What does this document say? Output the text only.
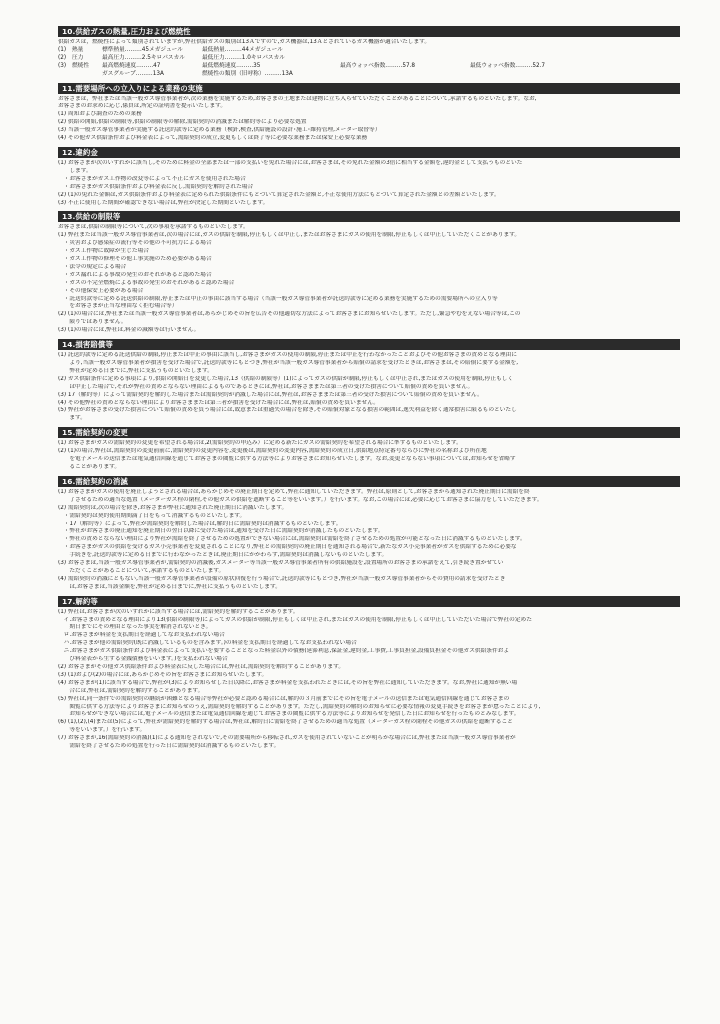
10.供給ガスの熱量,圧力および燃焼性
供給ガスは，燃焼性によって類別されていますが,弊社供給ガスの類別は13Ａですので,ガス機器は,13Ａとされているガス機器が適合いたします。
(1)	熱量	標準熱量………45メガジュール	最低熱量………44メガジュール
(2)	圧力	最高圧力………2.5キロパスカル	最低圧力………1.0キロパスカル
(3)	燃焼性	最高燃焼速度………47	最低燃焼速度………35	最高ウォッベ指数………57.8	最低ウォッベ指数………52.7
ガスグループ………13A	燃焼性の類別（旧呼称）………13A
11.需要場所への立入りによる業務の実施
お客さまは，弊社または当該一般ガス導管事業者が,次の業務を実施するため,お客さまの土地または建物に立ち入らせていただくことがあることについて,承諾するものといたします。なお,
お客さまのお求めに応じ,係員は,所定の証明書を提示いたします。
(1) 周知および調査のための業務
(2) 供給の開始,供給の制限等,供給の制限等の解除,需給契約の消滅または解約等により必要な処置
(3) 当該一般ガス導管事業者が実施する託送約款等に定める業務（検針,検査,供給施設の設計･施工･維持管理,メーター取替等）
(4) その他ガス供給条件および料金表によって,需給契約の成立,変更もしくは終了等に必要な業務または保安上必要な業務
12.違約金
(1) お客さまが次のいずれかに該当し,そのために料金の全部または一部の支払いを免れた場合には,お客さまは,その免れた金額の3倍に相当する金額を,違約金として支払うものといた
　　します。
　・お客さまがガス工作物の改変等によって不正にガスを使用された場合
　・お客さまがガス供給条件および料金表に反し,需給契約を解約された場合
(2) (1)の免れた金額は,ガス供給条件および料金表に定められた供給条件にもとづいて算定された金額と,不正な使用方法にもとづいて算定された金額との差額といたします。
(3) 不正に使用した期間が確認できない場合は,弊社が決定した期間といたします。
13.供給の制限等
お客さまは,供給の制限等について,次の事項を承諾するものといたします。
(1) 弊社または当該一般ガス導管事業者は,次の場合には,ガスの供給を制限,停止もしくは中止し,またはお客さまにガスの使用を制限,停止もしくは中止していただくことがあります。
　・災害および感染症の流行等その他の不可抗力による場合
　・ガス工作物に故障が生じた場合
　・ガス工作物の修理その他工事実施のため必要がある場合
　・法令の規定による場合
　・ガス漏れによる事故の発生のおそれがあると認めた場合
　・ガスの不完全燃焼による事故の発生のおそれがあると認めた場合
　・その他保安上必要がある場合
　・託送約款等に定める託送供給の制限,停止または中止の事由に該当する場合（当該一般ガス導管事業者が託送約款等に定める業務を実施するための需要場所への立入り等
　　をお客さまが正当な理由なく拒む場合等）
(2) (1)の場合には,弊社または当該一般ガス導管事業者は,あらかじめその旨を広告その他適切な方法によってお客さまにお知らせいたします。ただし,緊急やむをえない場合等は,この
　　限りではありません。
(3) (1)の場合には,弊社は,料金の減額等は行いません。
14.損害賠償等
(1) 託送約款等に定める託送供給の制限,停止または中止の事由に該当し,お客さまがガスの使用の制限,停止または中止を行わなかったことおよびその他お客さまの責めとなる理由に
　　より,当該一般ガス導管事業者が損害を受けた場合で,託送約款等にもとづき,弊社が当該一般ガス導管事業者から賠償の請求を受けたときは,お客さまは,その賠償に要する金額を,
　　弊社が定める日までに,弊社に支払うものといたします。
(2) ガス供給条件に定める事項により,供給の開始日を変更した場合,13（供給の制限等）(1)によってガスの供給が制限,停止もしくは中止され,またはガスの使用を制限,停止もしく
　　は中止した場合で,それが弊社の責めとならない理由によるものであるときには,弊社は,お客さままたは第三者の受けた損害について賠償の責めを負いません。
(3) 17（解約等）によって需給契約を解約した場合または需給契約が消滅した場合には,弊社は,お客さままたは第三者の受けた損害について賠償の責めを負いません。
(4) その他弊社の責めとならない理由によりお客さままたは第三者が損害を受けた場合には,弊社は,賠償の責めを負いません。
(5) 弊社がお客さまの受けた損害について賠償の責めを負う場合には,故意または重過失の場合を除き,その賠償対象となる損害の範囲は,逸失利益を除く通常損害に限るものといたし
　　ます。
15.需給契約の変更
(1) お客さまがガスの需給契約の変更を希望される場合は,2(需給契約の申込み）に定める新たにガスの需給契約を希望される場合に準ずるものといたします。
(2) (1)の場合,弊社は,需給契約の変更前前に,需給契約の変更内容を,変更後は,需給契約の変更内容,需給契約の成立日,供給地点特定番号ならびに弊社の名称および所在地
　　を電子メールの送信または電気通信回線を通じてお客さまの閲覧に供する方法等によりお客さまにお知らせいたします。なお,変更とならない事項については,お知らせを省略す
　　ることがあります。
16.需給契約の消滅
(1) お客さまがガスの使用を廃止しようとされる場合は,あらかじめその廃止期日を定めて,弊社に通知していただきます。弊社は,原則として,お客さまから通知された廃止期日に需給を終
　　了させるための適当な処置（メーターガス栓の閉栓,その他ガスの供給を遮断すること等をいいます。）を行います。なお,この場合には,必要に応じてお客さまに協力をしていただきます。
(2) 需給契約は,次の場合を除き,お客さまが弊社に通知された廃止期日に消滅いたします。
　・需給契約は契約使用期間満了日をもって消滅するものといたします。
　・17（解約等）によって,弊社が需給契約を解約した場合は,解約日に需給契約は消滅するものといたします。
　・弊社がお客さまの廃止通知を廃止期日の翌日以降に受けた場合は,通知を受けた日に需給契約が消滅したものといたします。
　・弊社の責めとならない理由により弊社が需給を終了させるための処置ができない場合には,需給契約は需給を終了させるための処置が可能となった日に消滅するものといたします。
　・お客さまがガスの供給を受けるガス小売事業者を変更されることになり,弊社との需給契約の廃止期日を通知される場合で,新たなガス小売事業者がガスを供給するために必要な
　　手続きを,託送約款等に定める日までに行わなかったときは,廃止期日にかかわらず,需給契約は消滅しないものといたします。
(3) お客さまは,当該一般ガス導管事業者が,需給契約の消滅後,ガスメーター等当該一般ガス導管事業者所有の供給施設を,設置場所のお客さまの承諾をえて,引き続き置かせてい
　　ただくことがあることについて,承諾するものといたします。
(4) 需給契約の消滅にともない,当該一般ガス導管事業者が設備の原状回復を行う場合で,託送約款等にもとづき,弊社が当該一般ガス導管事業者からその費用の請求を受けたとき
　　は,お客さまは,当該金額を,弊社が定める日までに,弊社に支払うものといたします。
17.解約等
(1) 弊社は,お客さまが次のいずれかに該当する場合には,需給契約を解約することがあります。
　イ.お客さまの責めとなる理由により13(供給の制限等)によってガスの供給が制限,停止もしくは中止され,またはガスの使用を制限,停止もしくは中止していただいた場合で弊社の定めた
　　期日までにその理由となった事実を解消されないとき。
　ロ.お客さまが料金を支払期日を経過してなお支払われない場合
　ハ.お客さまが他の需給契約(既に消滅しているものを含みます。)の料金を支払期日を経過してなお支払われない場合
　ニ.お客さまがガス供給条件および料金表によって支払いを要することとなった料金以外の債務(延滞利息,保証金,違約金,工事費,工事負担金,設備負担金その他ガス供給条件およ
　　び料金表から生ずる金銭債務をいいます。)を支払われない場合
(2) お客さまがその他ガス供給条件および料金表に反した場合には,弊社は,需給契約を解約することがあります。
(3) (1)および(2)の場合には,あらかじめその旨をお客さまにお知らせいたします。
(4) お客さまが(1)に該当する場合で,弊社が(3)によりお知らせした日以降に,お客さまが料金を支払われたときには,その旨を弊社に通知していただきます。なお,弊社に通知が無い場
　　合には,弊社は,需給契約を解約することがあります。
(5) 弊社は,同一条件での需給契約の継続が困難となる場合等弊社が必要と認める場合には,解約の３月前までにその旨を電子メールの送信または電気通信回線を通じてお客さまの
　　閲覧に供する方法等によりお客さまにお知らせのうえ,需給契約を解約することがあります。ただし,需給契約の解約のお知らせに必要な情報の変更手続きをお客さまが怠ったことにより,
　　お知らせができない場合には,電子メールの送信または電気通信回線を通じてお客さまの閲覧に供する方法等によりお知らせを発信した日にお知らせを行ったものとみなします。
(6) (1),(2),(4)または(5)によって,弊社が需給契約を解約する場合は,弊社は,解約日に需給を終了させるための適当な処置（メーターガス栓の閉栓その他ガスの供給を遮断すること
　　等をいいます。）を行います。
(7) お客さまが,16(需給契約の消滅)(1)による通知をされないで,その需要場所から移転され,ガスを使用されていないことが明らかな場合には,弊社または当該一般ガス導管事業者が
　　需給を終了させるための処置を行った日に需給契約は消滅するものといたします。
